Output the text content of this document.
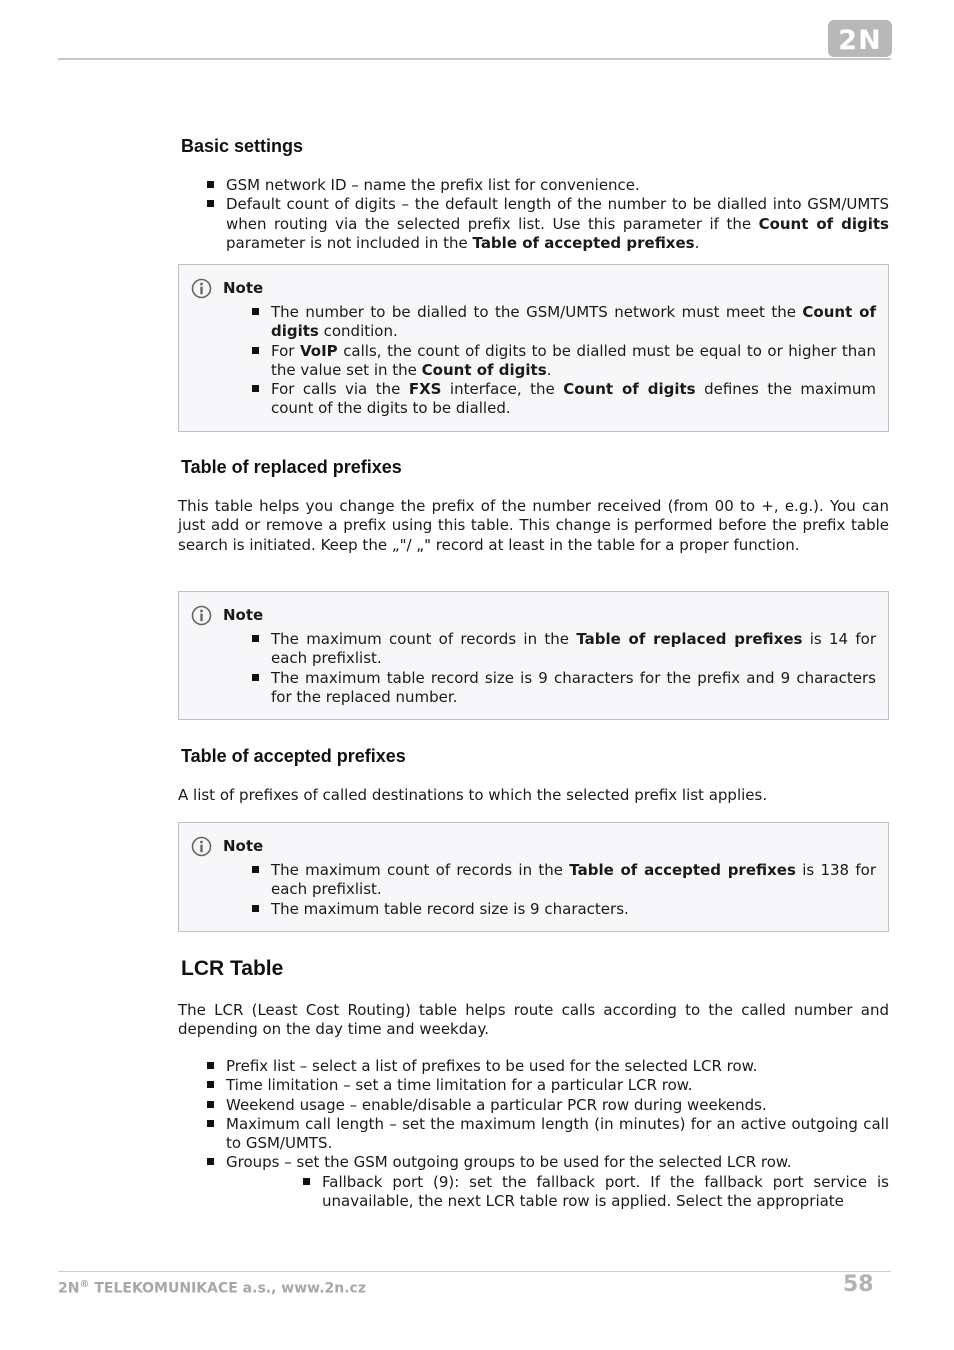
2N
Basic settings
GSM network ID – name the prefix list for convenience.
Default count of digits – the default length of the number to be dialled into GSM/UMTS when routing via the selected prefix list. Use this parameter if the Count of digits parameter is not included in the Table of accepted prefixes.
Note
The number to be dialled to the GSM/UMTS network must meet the Count of digits condition.
For VoIP calls, the count of digits to be dialled must be equal to or higher than the value set in the Count of digits.
For calls via the FXS interface, the Count of digits defines the maximum count of the digits to be dialled.
Table of replaced prefixes
This table helps you change the prefix of the number received (from 00 to +, e.g.). You can just add or remove a prefix using this table. This change is performed before the prefix table search is initiated. Keep the „"/ „" record at least in the table for a proper function.
Note
The maximum count of records in the Table of replaced prefixes is 14 for each prefixlist.
The maximum table record size is 9 characters for the prefix and 9 characters for the replaced number.
Table of accepted prefixes
A list of prefixes of called destinations to which the selected prefix list applies.
Note
The maximum count of records in the Table of accepted prefixes is 138 for each prefixlist.
The maximum table record size is 9 characters.
LCR Table
The LCR (Least Cost Routing) table helps route calls according to the called number and depending on the day time and weekday.
Prefix list – select a list of prefixes to be used for the selected LCR row.
Time limitation – set a time limitation for a particular LCR row.
Weekend usage – enable/disable a particular PCR row during weekends.
Maximum call length – set the maximum length (in minutes) for an active outgoing call to GSM/UMTS.
Groups – set the GSM outgoing groups to be used for the selected LCR row.
Fallback port (9): set the fallback port. If the fallback port service is unavailable, the next LCR table row is applied. Select the appropriate
2N® TELEKOMUNIKACE a.s., www.2n.cz	58
